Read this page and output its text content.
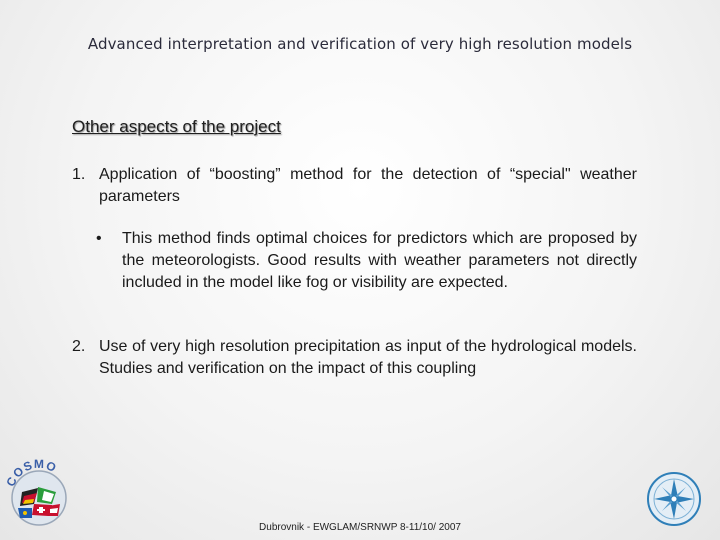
Advanced interpretation and verification of very high resolution models
Other aspects of the project
1. Application of “boosting” method for the detection of “special" weather parameters
• This method finds optimal choices for predictors which are proposed by the meteorologists. Good results with weather parameters not directly included in the model like fog or visibility are expected.
2. Use of very high resolution precipitation as input of the hydrological models. Studies and verification on the impact of this coupling
COSMO
Dubrovnik - EWGLAM/SRNWP 8-11/10/ 2007
